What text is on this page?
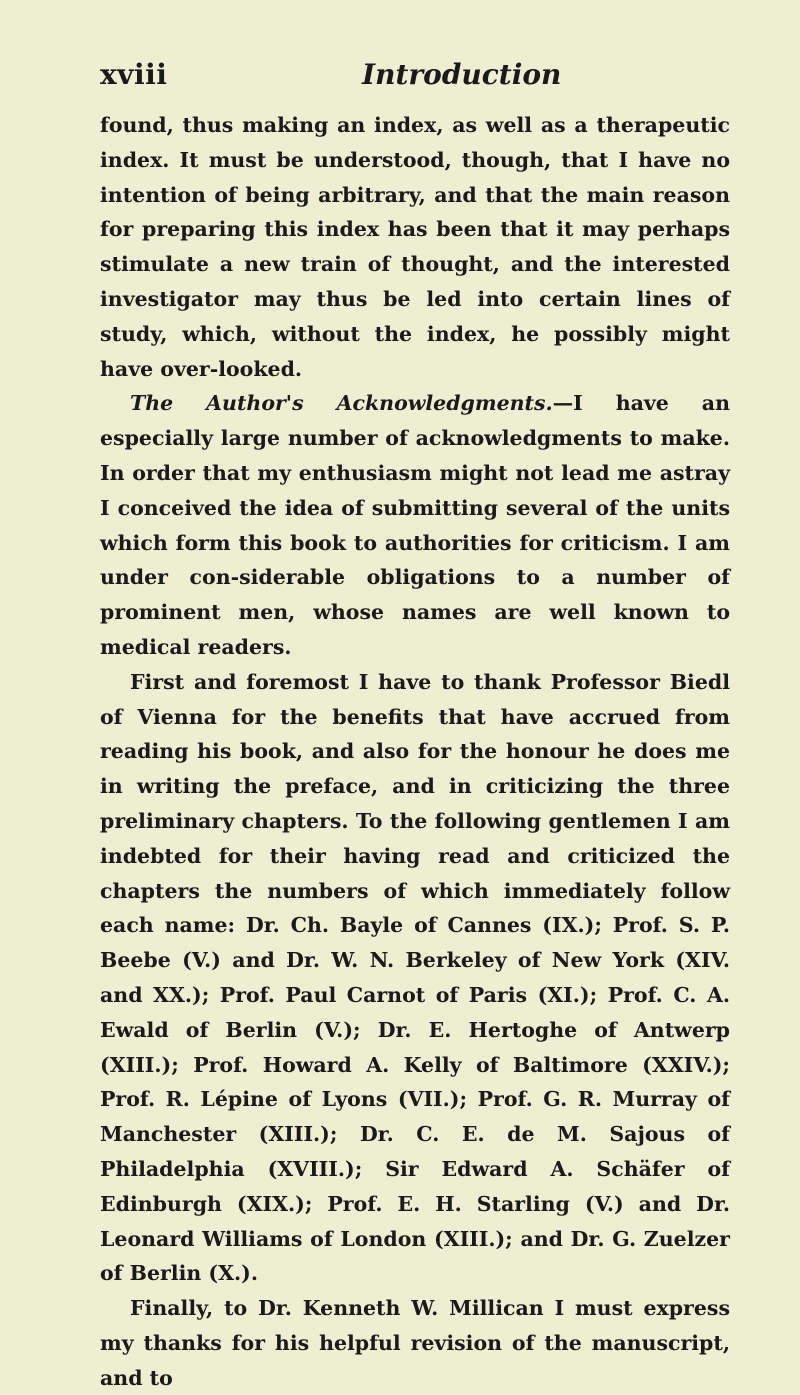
xviii	Introduction

found, thus making an index, as well as a therapeutic index. It must be understood, though, that I have no intention of being arbitrary, and that the main reason for preparing this index has been that it may perhaps stimulate a new train of thought, and the interested investigator may thus be led into certain lines of study, which, without the index, he possibly might have over-looked.

The Author's Acknowledgments.—I have an especially large number of acknowledgments to make. In order that my enthusiasm might not lead me astray I conceived the idea of submitting several of the units which form this book to authorities for criticism. I am under con-siderable obligations to a number of prominent men, whose names are well known to medical readers.

First and foremost I have to thank Professor Biedl of Vienna for the benefits that have accrued from reading his book, and also for the honour he does me in writing the preface, and in criticizing the three preliminary chapters. To the following gentlemen I am indebted for their having read and criticized the chapters the numbers of which immediately follow each name: Dr. Ch. Bayle of Cannes (IX.); Prof. S. P. Beebe (V.) and Dr. W. N. Berkeley of New York (XIV. and XX.); Prof. Paul Carnot of Paris (XI.); Prof. C. A. Ewald of Berlin (V.); Dr. E. Hertoghe of Antwerp (XIII.); Prof. Howard A. Kelly of Baltimore (XXIV.); Prof. R. Lépine of Lyons (VII.); Prof. G. R. Murray of Manchester (XIII.); Dr. C. E. de M. Sajous of Philadelphia (XVIII.); Sir Edward A. Schäfer of Edinburgh (XIX.); Prof. E. H. Starling (V.) and Dr. Leonard Williams of London (XIII.); and Dr. G. Zuelzer of Berlin (X.).

Finally, to Dr. Kenneth W. Millican I must express my thanks for his helpful revision of the manuscript, and to
